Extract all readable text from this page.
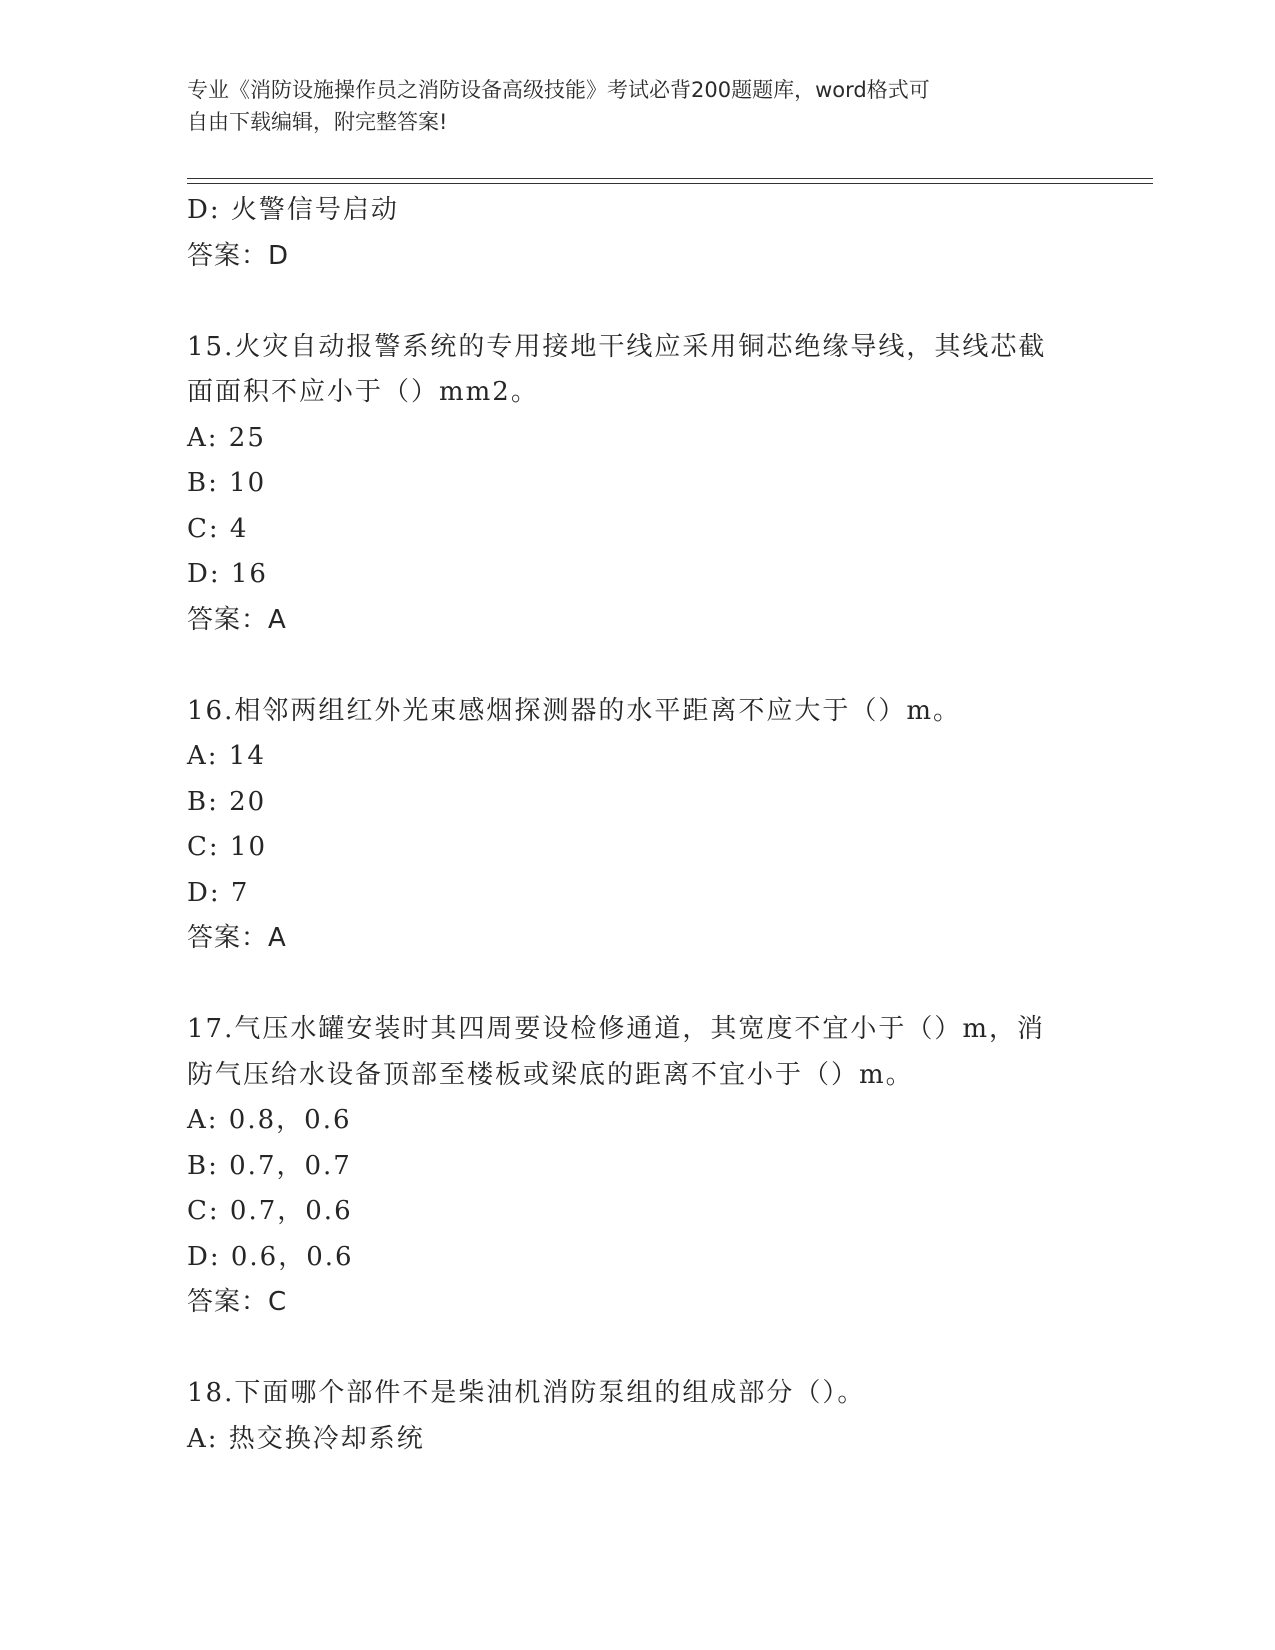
专业《消防设施操作员之消防设备高级技能》考试必背200题题库，word格式可
自由下载编辑，附完整答案!
D: 火警信号启动
答案：D
15.火灾自动报警系统的专用接地干线应采用铜芯绝缘导线，其线芯截
面面积不应小于（）mm2。
A: 25
B: 10
C: 4
D: 16
答案：A
16.相邻两组红外光束感烟探测器的水平距离不应大于（）m。
A: 14
B: 20
C: 10
D: 7
答案：A
17.气压水罐安装时其四周要设检修通道，其宽度不宜小于（）m，消
防气压给水设备顶部至楼板或梁底的距离不宜小于（）m。
A: 0.8，0.6
B: 0.7，0.7
C: 0.7，0.6
D: 0.6，0.6
答案：C
18.下面哪个部件不是柴油机消防泵组的组成部分（）。
A: 热交换冷却系统
